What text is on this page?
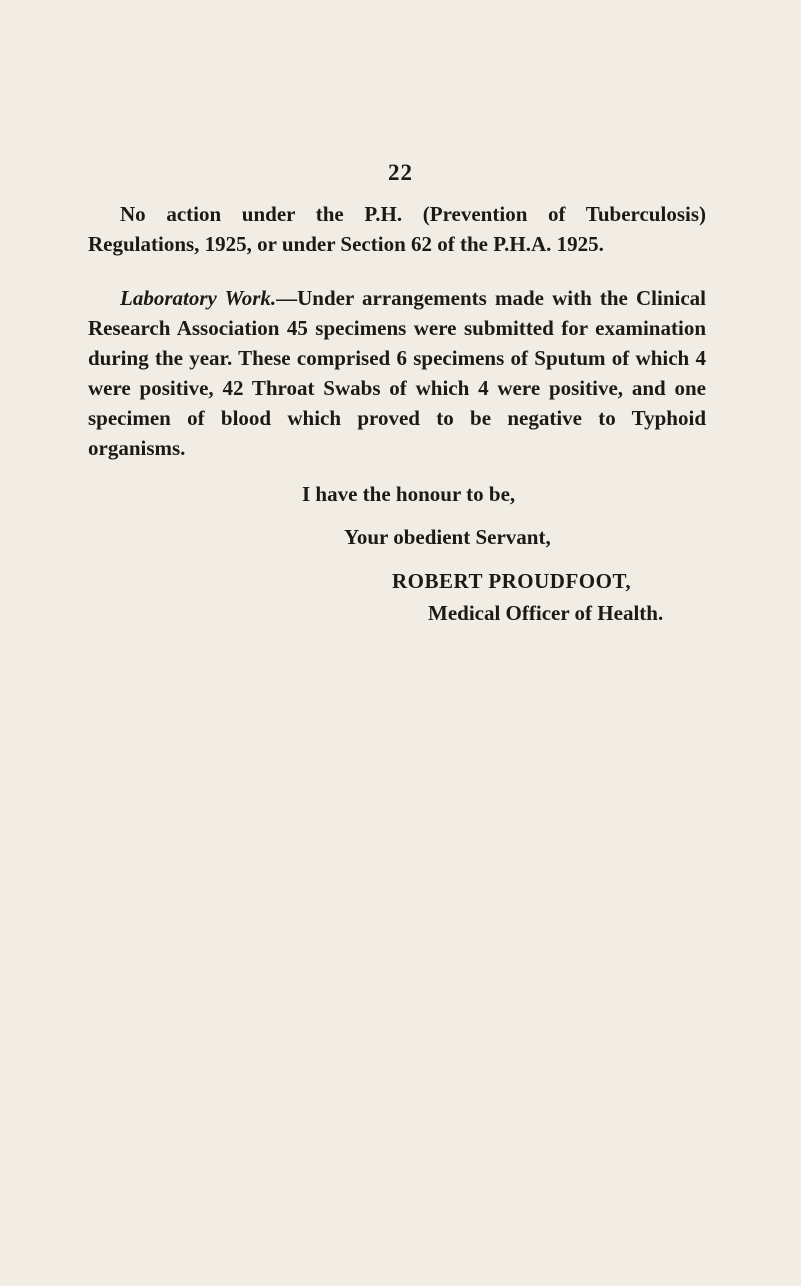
22

No action under the P.H. (Prevention of Tuberculosis) Regulations, 1925, or under Section 62 of the P.H.A. 1925.

Laboratory Work.—Under arrangements made with the Clinical Research Association 45 specimens were submitted for examination during the year. These comprised 6 specimens of Sputum of which 4 were positive, 42 Throat Swabs of which 4 were positive, and one specimen of blood which proved to be negative to Typhoid organisms.

I have the honour to be,
Your obedient Servant,
ROBERT PROUDFOOT,
Medical Officer of Health.
